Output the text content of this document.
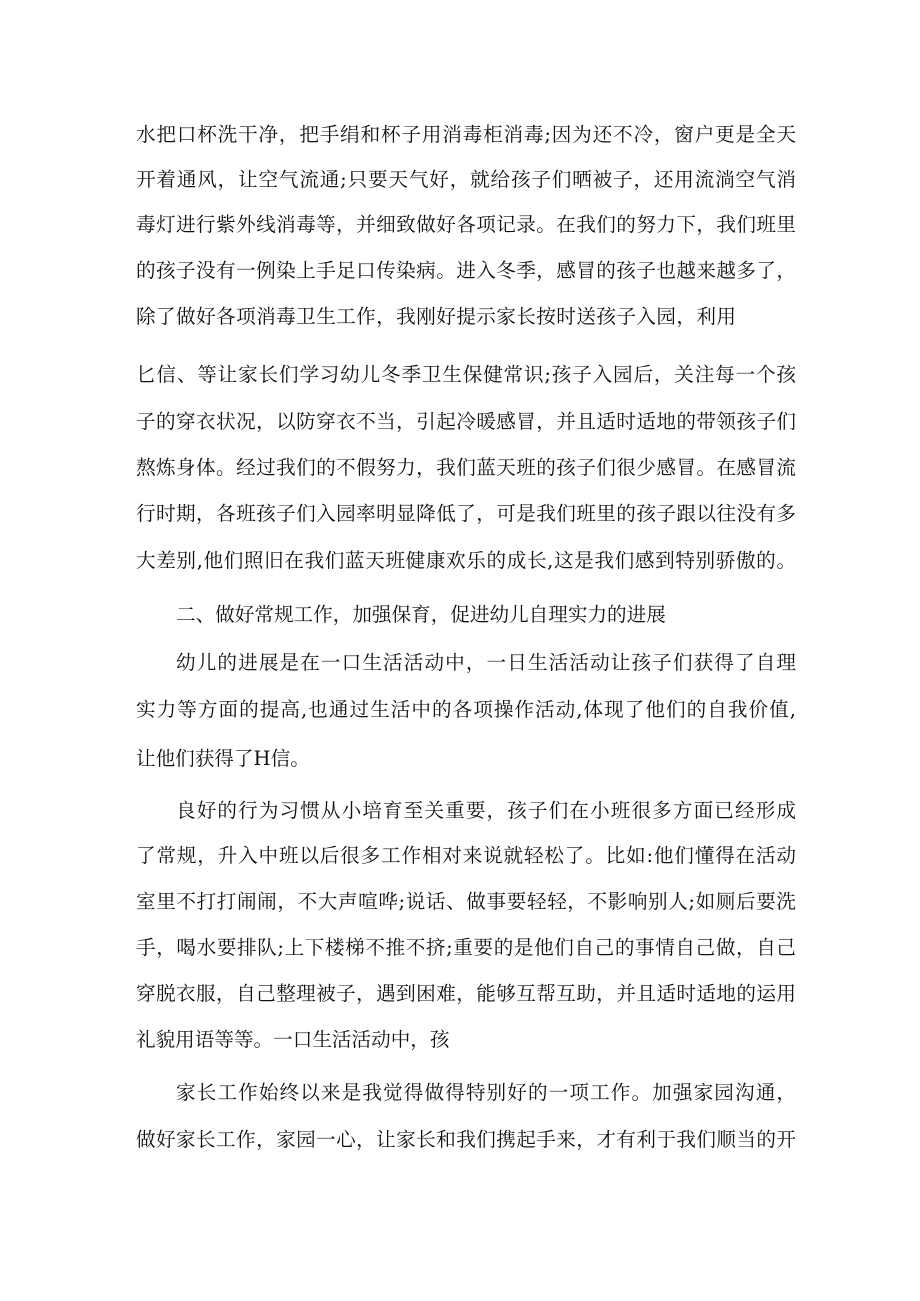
水把口杯洗干净，把手绢和杯子用消毒柜消毒;因为还不冷，窗户更是全天
开着通风，让空气流通;只要天气好，就给孩子们晒被子，还用流淌空气消
毒灯进行紫外线消毒等，并细致做好各项记录。在我们的努力下，我们班里
的孩子没有一例染上手足口传染病。进入冬季，感冒的孩子也越来越多了，
除了做好各项消毒卫生工作，我刚好提示家长按时送孩子入园，利用
匕信、等让家长们学习幼儿冬季卫生保健常识;孩子入园后，关注每一个孩
子的穿衣状况，以防穿衣不当，引起冷暖感冒，并且适时适地的带领孩子们
熬炼身体。经过我们的不假努力，我们蓝天班的孩子们很少感冒。在感冒流
行时期，各班孩子们入园率明显降低了，可是我们班里的孩子跟以往没有多
大差别,他们照旧在我们蓝天班健康欢乐的成长,这是我们感到特别骄傲的。
二、做好常规工作，加强保育，促进幼儿自理实力的进展
幼儿的进展是在一口生活活动中，一日生活活动让孩子们获得了自理
实力等方面的提高,也通过生活中的各项操作活动,体现了他们的自我价值,
让他们获得了H信。
良好的行为习惯从小培育至关重要，孩子们在小班很多方面已经形成
了常规，升入中班以后很多工作相对来说就轻松了。比如:他们懂得在活动
室里不打打闹闹，不大声喧哗;说话、做事要轻轻，不影响别人;如厕后要洗
手，喝水要排队;上下楼梯不推不挤;重要的是他们自己的事情自己做，自己
穿脱衣服，自己整理被子，遇到困难，能够互帮互助，并且适时适地的运用
礼貌用语等等。一口生活活动中，孩
家长工作始终以来是我觉得做得特别好的一项工作。加强家园沟通，
做好家长工作，家园一心，让家长和我们携起手来，才有利于我们顺当的开
